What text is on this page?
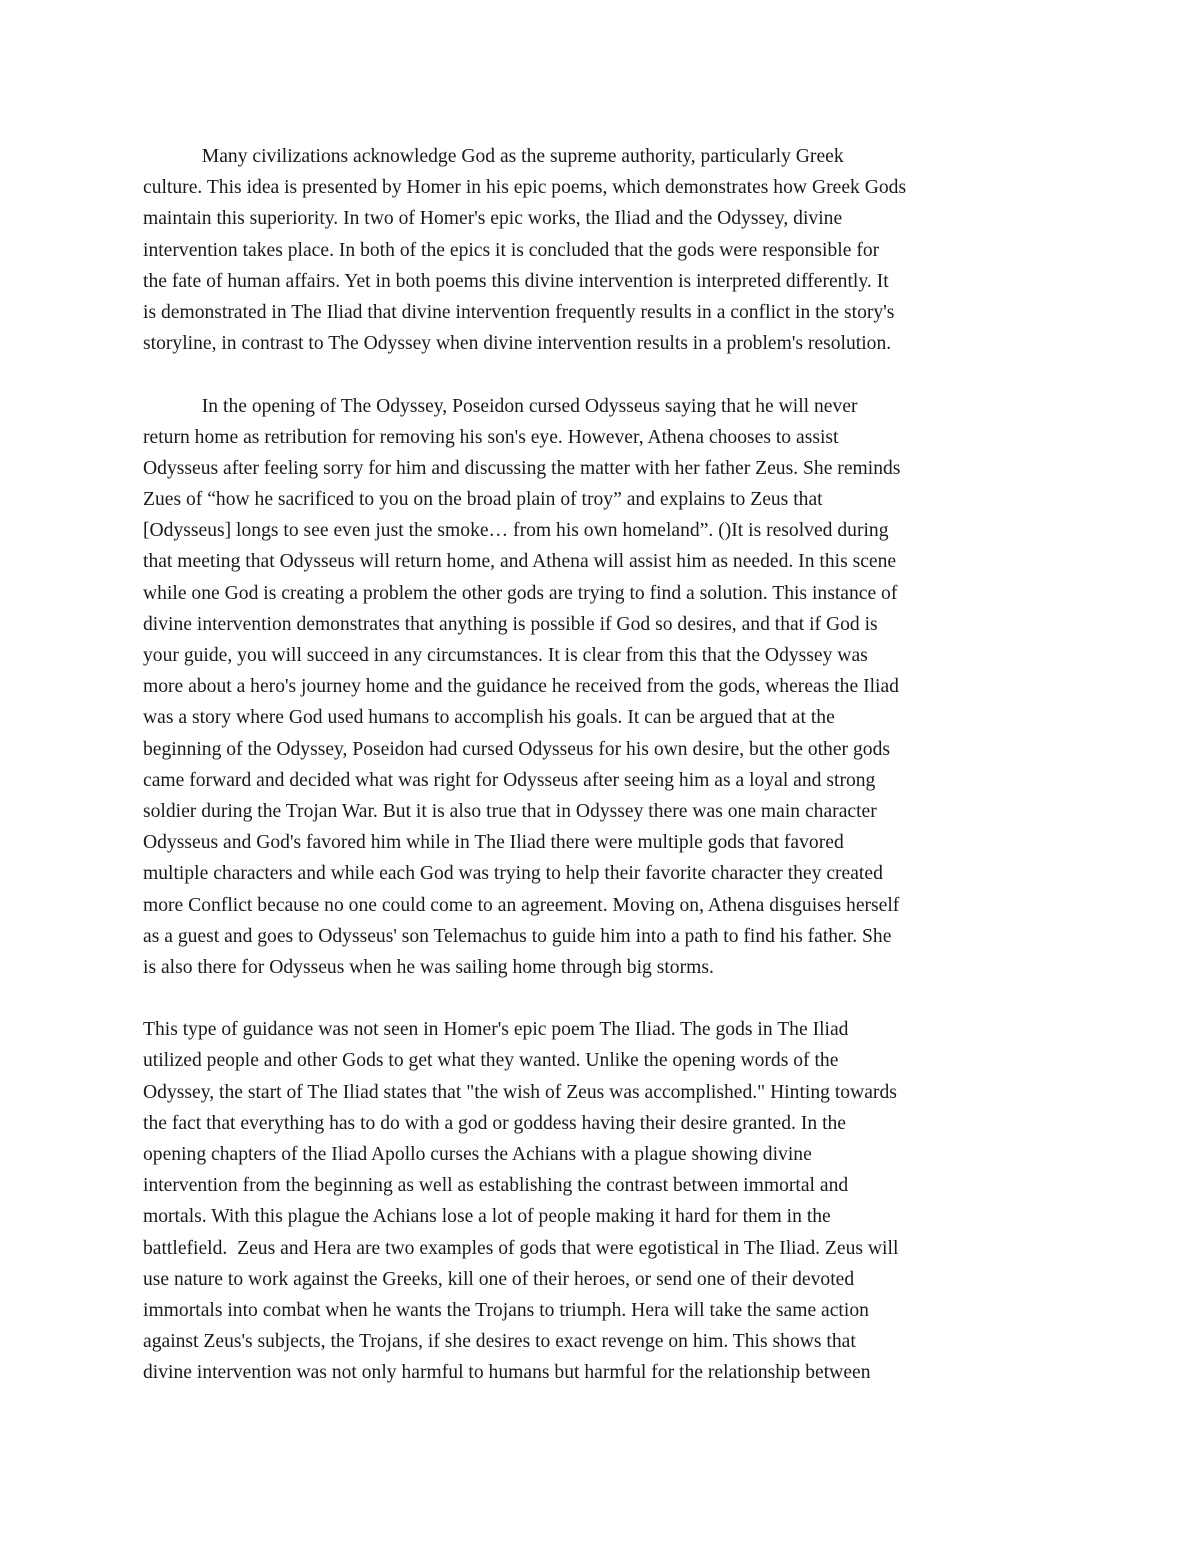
Many civilizations acknowledge God as the supreme authority, particularly Greek
culture. This idea is presented by Homer in his epic poems, which demonstrates how Greek Gods
maintain this superiority. In two of Homer's epic works, the Iliad and the Odyssey, divine
intervention takes place. In both of the epics it is concluded that the gods were responsible for
the fate of human affairs. Yet in both poems this divine intervention is interpreted differently. It
is demonstrated in The Iliad that divine intervention frequently results in a conflict in the story's
storyline, in contrast to The Odyssey when divine intervention results in a problem's resolution.
In the opening of The Odyssey, Poseidon cursed Odysseus saying that he will never
return home as retribution for removing his son's eye. However, Athena chooses to assist
Odysseus after feeling sorry for him and discussing the matter with her father Zeus. She reminds
Zues of “how he sacrificed to you on the broad plain of troy” and explains to Zeus that
[Odysseus] longs to see even just the smoke… from his own homeland”. ()It is resolved during
that meeting that Odysseus will return home, and Athena will assist him as needed. In this scene
while one God is creating a problem the other gods are trying to find a solution. This instance of
divine intervention demonstrates that anything is possible if God so desires, and that if God is
your guide, you will succeed in any circumstances. It is clear from this that the Odyssey was
more about a hero's journey home and the guidance he received from the gods, whereas the Iliad
was a story where God used humans to accomplish his goals. It can be argued that at the
beginning of the Odyssey, Poseidon had cursed Odysseus for his own desire, but the other gods
came forward and decided what was right for Odysseus after seeing him as a loyal and strong
soldier during the Trojan War. But it is also true that in Odyssey there was one main character
Odysseus and God's favored him while in The Iliad there were multiple gods that favored
multiple characters and while each God was trying to help their favorite character they created
more Conflict because no one could come to an agreement. Moving on, Athena disguises herself
as a guest and goes to Odysseus' son Telemachus to guide him into a path to find his father. She
is also there for Odysseus when he was sailing home through big storms.
This type of guidance was not seen in Homer's epic poem The Iliad. The gods in The Iliad
utilized people and other Gods to get what they wanted. Unlike the opening words of the
Odyssey, the start of The Iliad states that "the wish of Zeus was accomplished." Hinting towards
the fact that everything has to do with a god or goddess having their desire granted. In the
opening chapters of the Iliad Apollo curses the Achians with a plague showing divine
intervention from the beginning as well as establishing the contrast between immortal and
mortals. With this plague the Achians lose a lot of people making it hard for them in the
battlefield.  Zeus and Hera are two examples of gods that were egotistical in The Iliad. Zeus will
use nature to work against the Greeks, kill one of their heroes, or send one of their devoted
immortals into combat when he wants the Trojans to triumph. Hera will take the same action
against Zeus's subjects, the Trojans, if she desires to exact revenge on him. This shows that
divine intervention was not only harmful to humans but harmful for the relationship between
